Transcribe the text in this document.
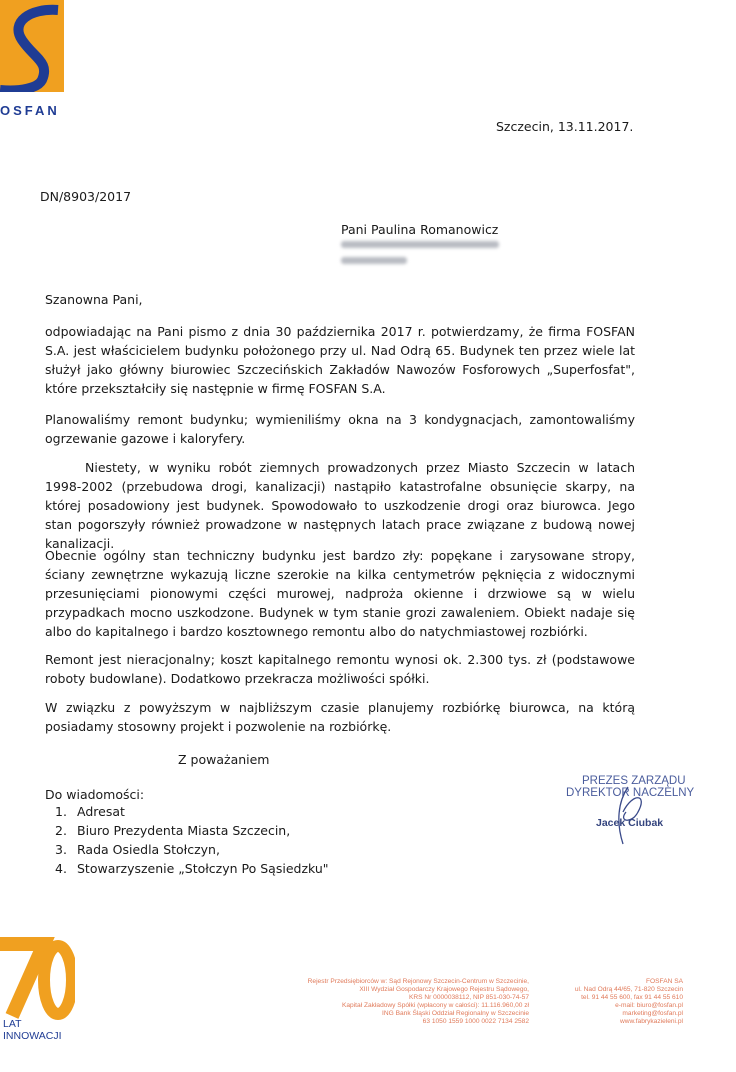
OSFAN
Szczecin, 13.11.2017.
DN/8903/2017
Pani Paulina Romanowicz
Szanowna Pani,

odpowiadając na Pani pismo z dnia 30 października 2017 r. potwierdzamy, że firma FOSFAN S.A. jest właścicielem budynku położonego przy ul. Nad Odrą 65. Budynek ten przez wiele lat służył jako główny biurowiec Szczecińskich Zakładów Nawozów Fosforowych „Superfosfat", które przekształciły się następnie w firmę FOSFAN S.A.

Planowaliśmy remont budynku; wymieniliśmy okna na 3 kondygnacjach, zamontowaliśmy ogrzewanie gazowe i kaloryfery.

Niestety, w wyniku robót ziemnych prowadzonych przez Miasto Szczecin w latach 1998-2002 (przebudowa drogi, kanalizacji) nastąpiło katastrofalne obsunięcie skarpy, na której posadowiony jest budynek. Spowodowało to uszkodzenie drogi oraz biurowca. Jego stan pogorszyły również prowadzone w następnych latach prace związane z budową nowej kanalizacji.

Obecnie ogólny stan techniczny budynku jest bardzo zły: popękane i zarysowane stropy, ściany zewnętrzne wykazują liczne szerokie na kilka centymetrów pęknięcia z widocznymi przesunięciami pionowymi części murowej, nadproża okienne i drzwiowe są w wielu przypadkach mocno uszkodzone. Budynek w tym stanie grozi zawaleniem. Obiekt nadaje się albo do kapitalnego i bardzo kosztownego remontu albo do natychmiastowej rozbiórki.

Remont jest nieracjonalny; koszt kapitalnego remontu wynosi ok. 2.300 tys. zł (podstawowe roboty budowlane). Dodatkowo przekracza możliwości spółki.

W związku z powyższym w najbliższym czasie planujemy rozbiórkę biurowca, na którą posiadamy stosowny projekt i pozwolenie na rozbiórkę.

Z poważaniem
Do wiadomości:
1. Adresat
2. Biuro Prezydenta Miasta Szczecin,
3. Rada Osiedla Stołczyn,
4. Stowarzyszenie „Stołczyn Po Sąsiedzku"
PREZES ZARZĄDU
DYREKTOR NACZELNY
Jacek Ciubak
LAT
INNOWACJI
Rejestr Przedsiębiorców w: Sąd Rejonowy Szczecin-Centrum w Szczecinie,
XIII Wydział Gospodarczy Krajowego Rejestru Sądowego,
KRS Nr 0000038112, NIP 851-030-74-57
Kapitał Zakładowy Spółki (wpłacony w całości): 11.116.960,00 zł
ING Bank Śląski Oddział Regionalny w Szczecinie
63 1050 1559 1000 0022 7134 2582
FOSFAN SA
ul. Nad Odrą 44/65, 71-820 Szczecin
tel. 91 44 55 600, fax 91 44 55 610
e-mail: biuro@fosfan.pl
marketing@fosfan.pl
www.fabrykazieleni.pl
